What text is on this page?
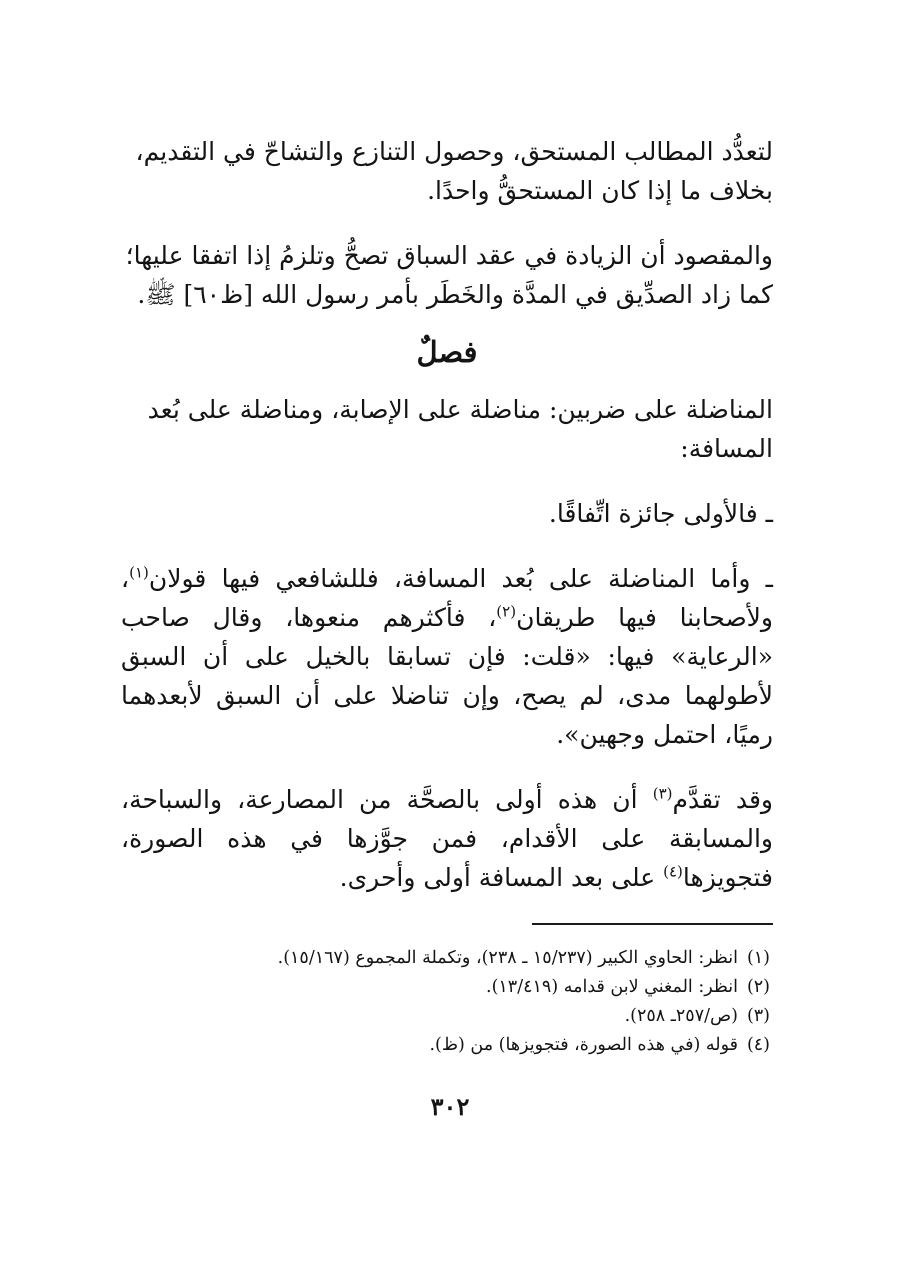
لتعدُّد المطالب المستحق، وحصول التنازع والتشاحّ في التقديم،
بخلاف ما إذا كان المستحقُّ واحدًا.

والمقصود أن الزيادة في عقد السباق تصحُّ وتلزمُ إذا اتفقا عليها؛
كما زاد الصدِّيق في المدَّة والخَطَر بأمر رسول الله [ظ٦٠] ﷺ.

فصلٌ

المناضلة على ضربين: مناضلة على الإصابة، ومناضلة على بُعد
المسافة:

ـ فالأولى جائزة اتِّفاقًا.

ـ وأما المناضلة على بُعد المسافة، فللشافعي فيها قولان$^{(١)}$، ولأصحابنا فيها طريقان$^{(٢)}$، فأكثرهم منعوها، وقال صاحب «الرعاية» فيها: «قلت: فإن تسابقا بالخيل على أن السبق لأطولهما مدى، لم يصح، وإن تناضلا على أن السبق لأبعدهما رميًا، احتمل وجهين».

وقد تقدَّم$^{(٣)}$ أن هذه أولى بالصحَّة من المصارعة، والسباحة، والمسابقة على الأقدام، فمن جوَّزها في هذه الصورة، فتجويزها$^{(٤)}$ على بعد المسافة أولى وأحرى.

(١)
انظر: الحاوي الكبير (١٥/٢٣٧ ـ ٢٣٨)، وتكملة المجموع (١٥/١٦٧).
(٢)
انظر: المغني لابن قدامه (١٣/٤١٩).
(٣)
(ص/٢٥٧ـ ٢٥٨).
(٤)
قوله (في هذه الصورة، فتجويزها) من (ظ).
٣٠٢
